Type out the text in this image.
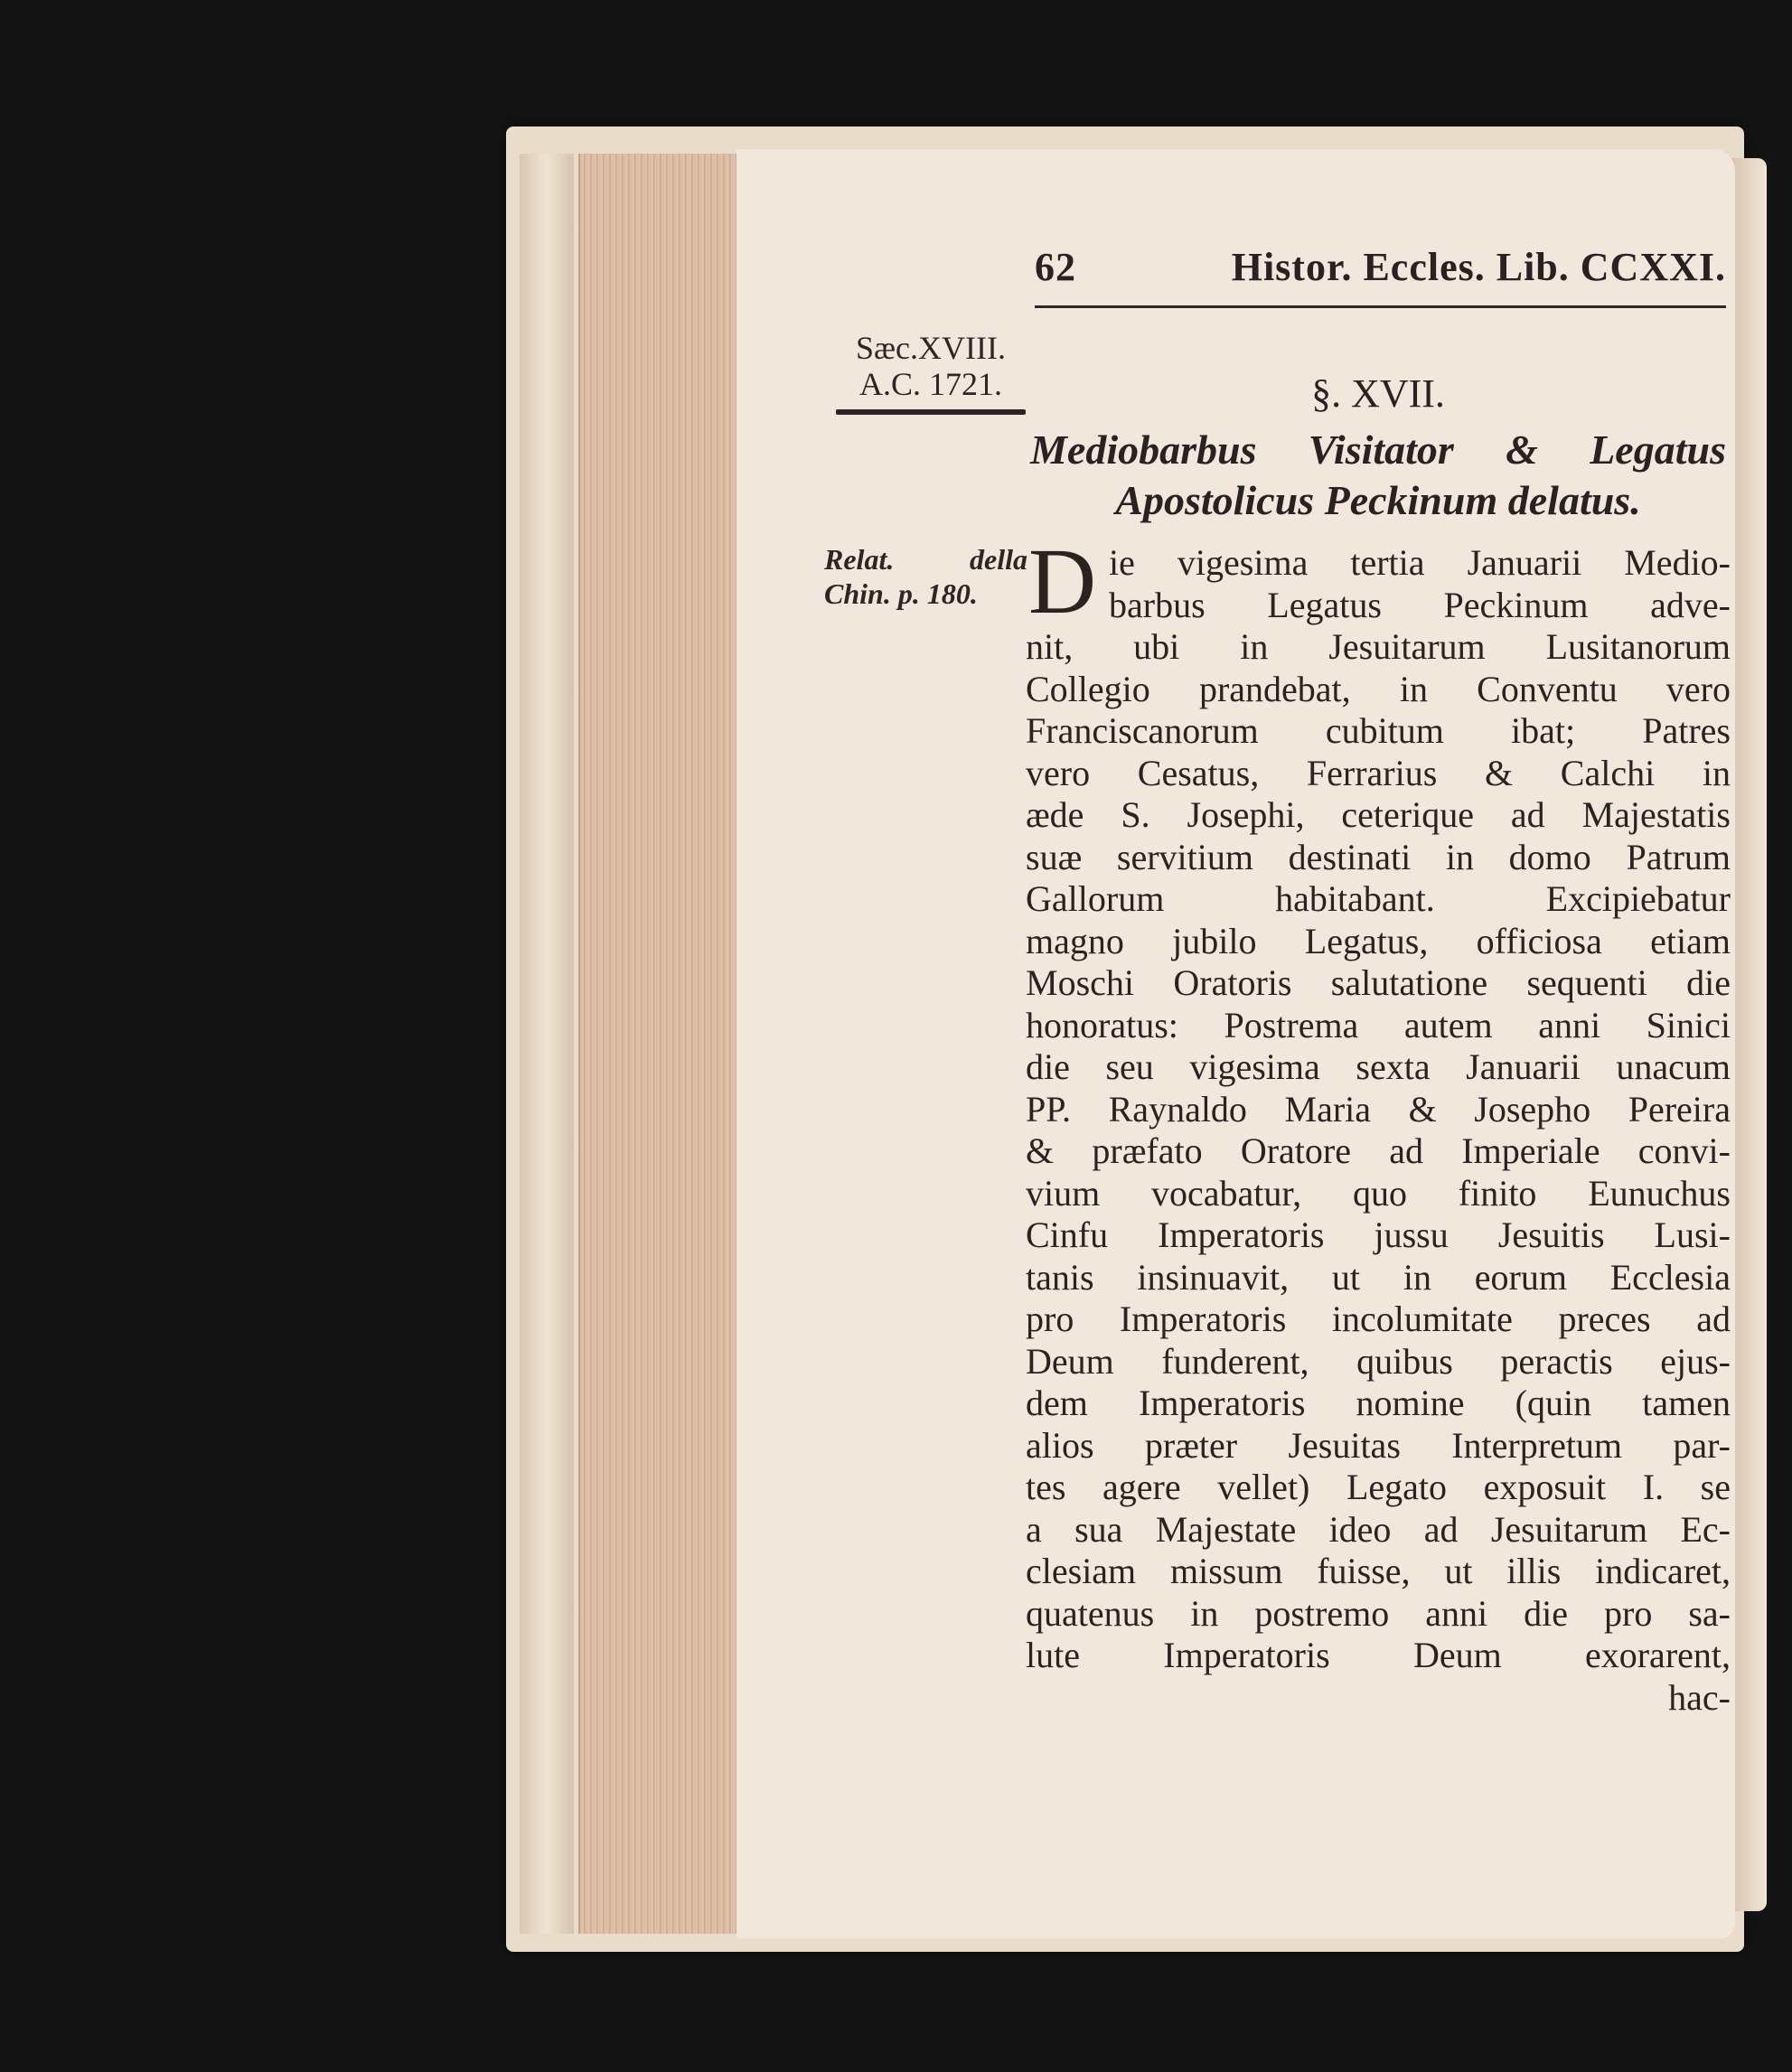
62	Histor. Eccles. Lib. CCXXI.
Sæc.XVIII.
A.C. 1721.	§. XVII.
Mediobarbus Visitator & Legatus
Apostolicus Peckinum delatus.
Relat.	della
Chin. p. 180. D ie vigesima tertia Januarii Medio-
barbus Legatus Peckinum adve-
nit, ubi in Jesuitarum Lusitanorum
Collegio prandebat, in Conventu vero
Franciscanorum cubitum ibat; Patres
vero Cesatus, Ferrarius & Calchi in
æde S. Josephi, ceterique ad Majestatis
suæ servitium destinati in domo Patrum
Gallorum habitabant. Excipiebatur
magno jubilo Legatus, officiosa etiam
Moschi Oratoris salutatione sequenti die
honoratus: Postrema autem anni Sinici
die seu vigesima sexta Januarii unacum
PP. Raynaldo Maria & Josepho Pereira
& præfato Oratore ad Imperiale convi-
vium vocabatur, quo finito Eunuchus
Cinfu Imperatoris jussu Jesuitis Lusi-
tanis insinuavit, ut in eorum Ecclesia
pro Imperatoris incolumitate preces ad
Deum funderent, quibus peractis ejus-
dem Imperatoris nomine (quin tamen
alios præter Jesuitas Interpretum par-
tes agere vellet) Legato exposuit I. se
a sua Majestate ideo ad Jesuitarum Ec-
clesiam missum fuisse, ut illis indicaret,
quatenus in postremo anni die pro sa-
lute Imperatoris Deum exorarent,
hac-
